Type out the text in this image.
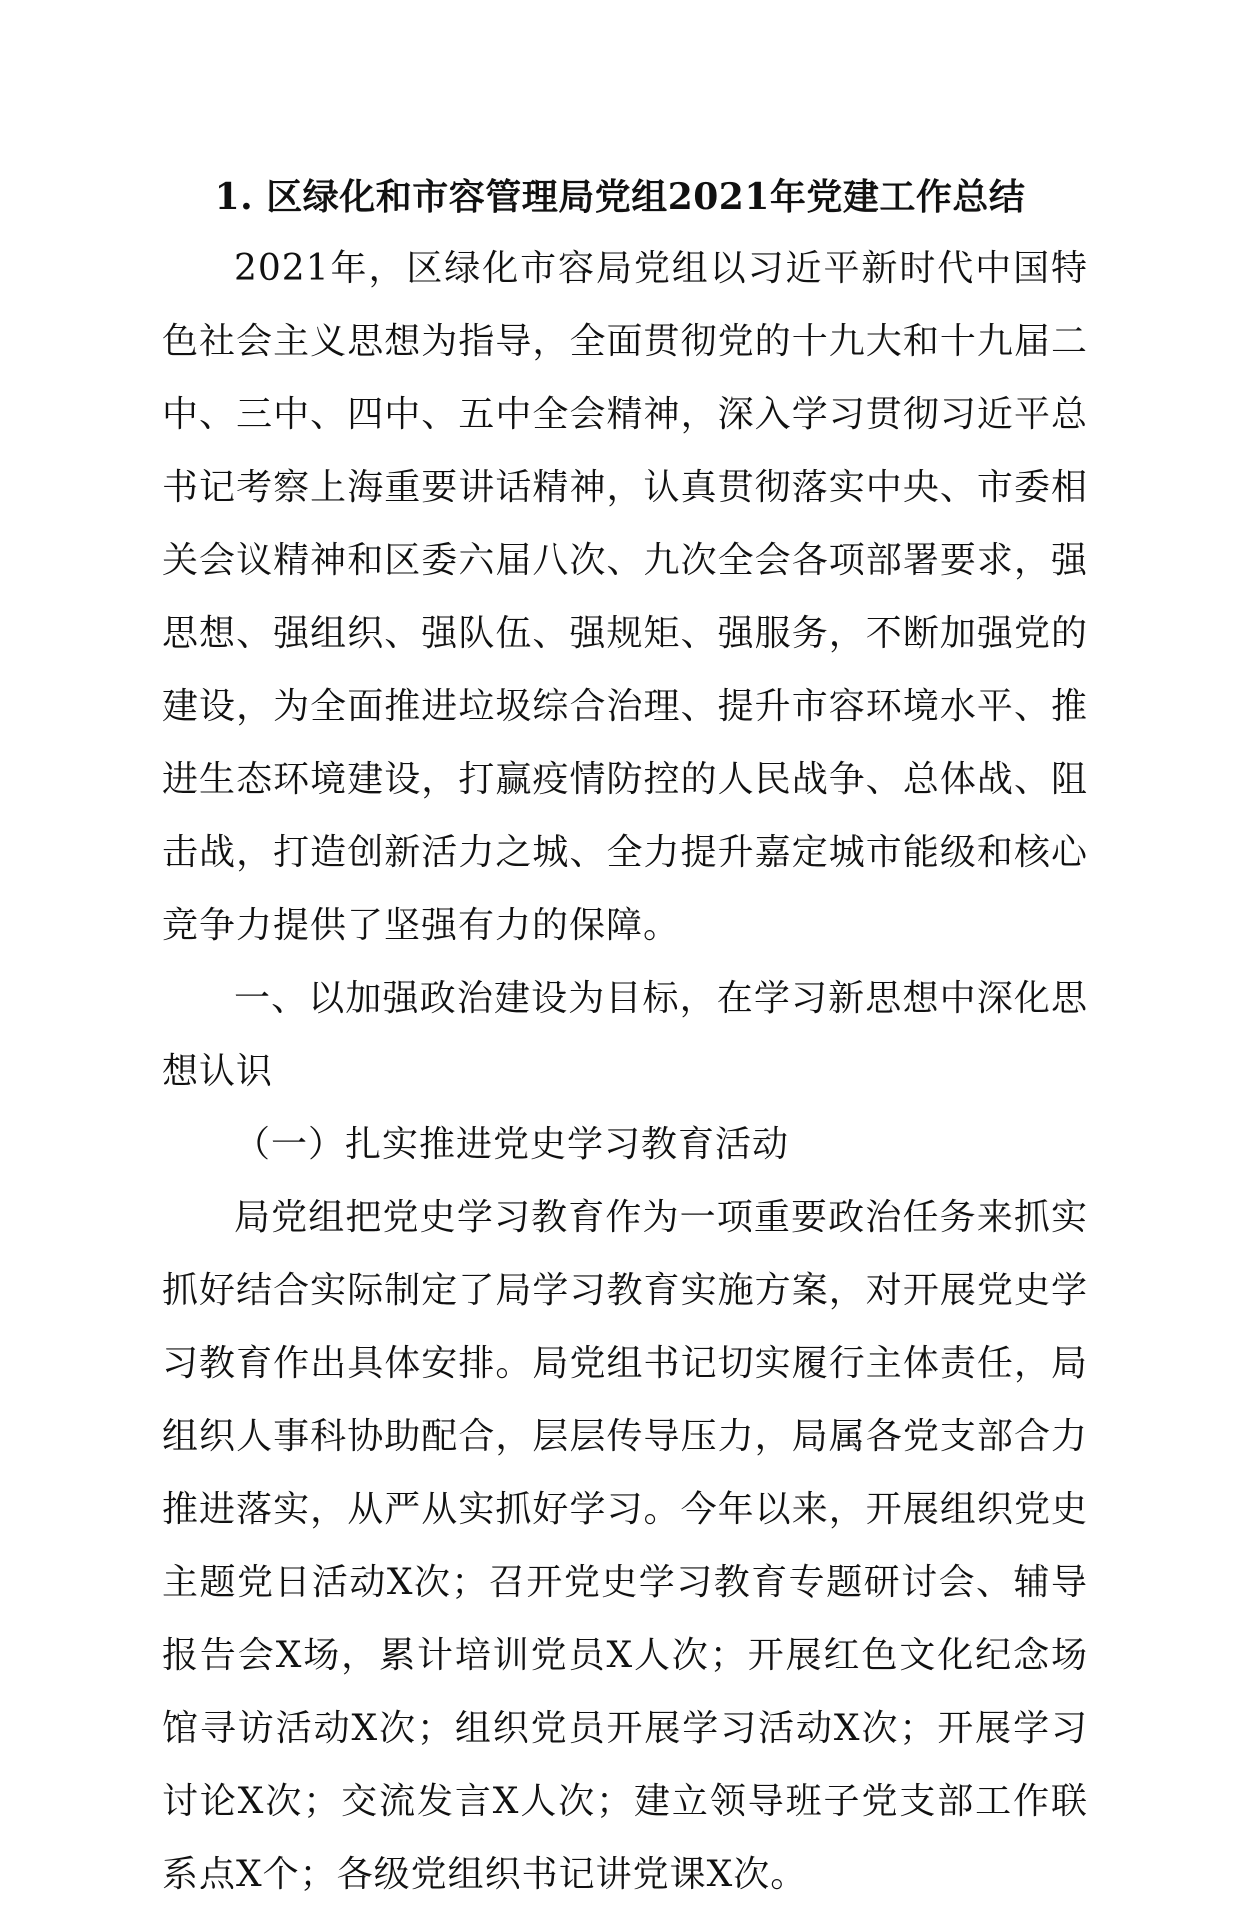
1. 区绿化和市容管理局党组2021年党建工作总结

2021年，区绿化市容局党组以习近平新时代中国特色社会主义思想为指导，全面贯彻党的十九大和十九届二中、三中、四中、五中全会精神，深入学习贯彻习近平总书记考察上海重要讲话精神，认真贯彻落实中央、市委相关会议精神和区委六届八次、九次全会各项部署要求，强思想、强组织、强队伍、强规矩、强服务，不断加强党的建设，为全面推进垃圾综合治理、提升市容环境水平、推进生态环境建设，打赢疫情防控的人民战争、总体战、阻击战，打造创新活力之城、全力提升嘉定城市能级和核心竞争力提供了坚强有力的保障。

一、以加强政治建设为目标，在学习新思想中深化思想认识

（一）扎实推进党史学习教育活动

局党组把党史学习教育作为一项重要政治任务来抓实抓好结合实际制定了局学习教育实施方案，对开展党史学习教育作出具体安排。局党组书记切实履行主体责任，局组织人事科协助配合，层层传导压力，局属各党支部合力推进落实，从严从实抓好学习。今年以来，开展组织党史主题党日活动X次；召开党史学习教育专题研讨会、辅导报告会X场，累计培训党员X人次；开展红色文化纪念场馆寻访活动X次；组织党员开展学习活动X次；开展学习讨论X次；交流发言X人次；建立领导班子党支部工作联系点X个；各级党组织书记讲党课X次。
